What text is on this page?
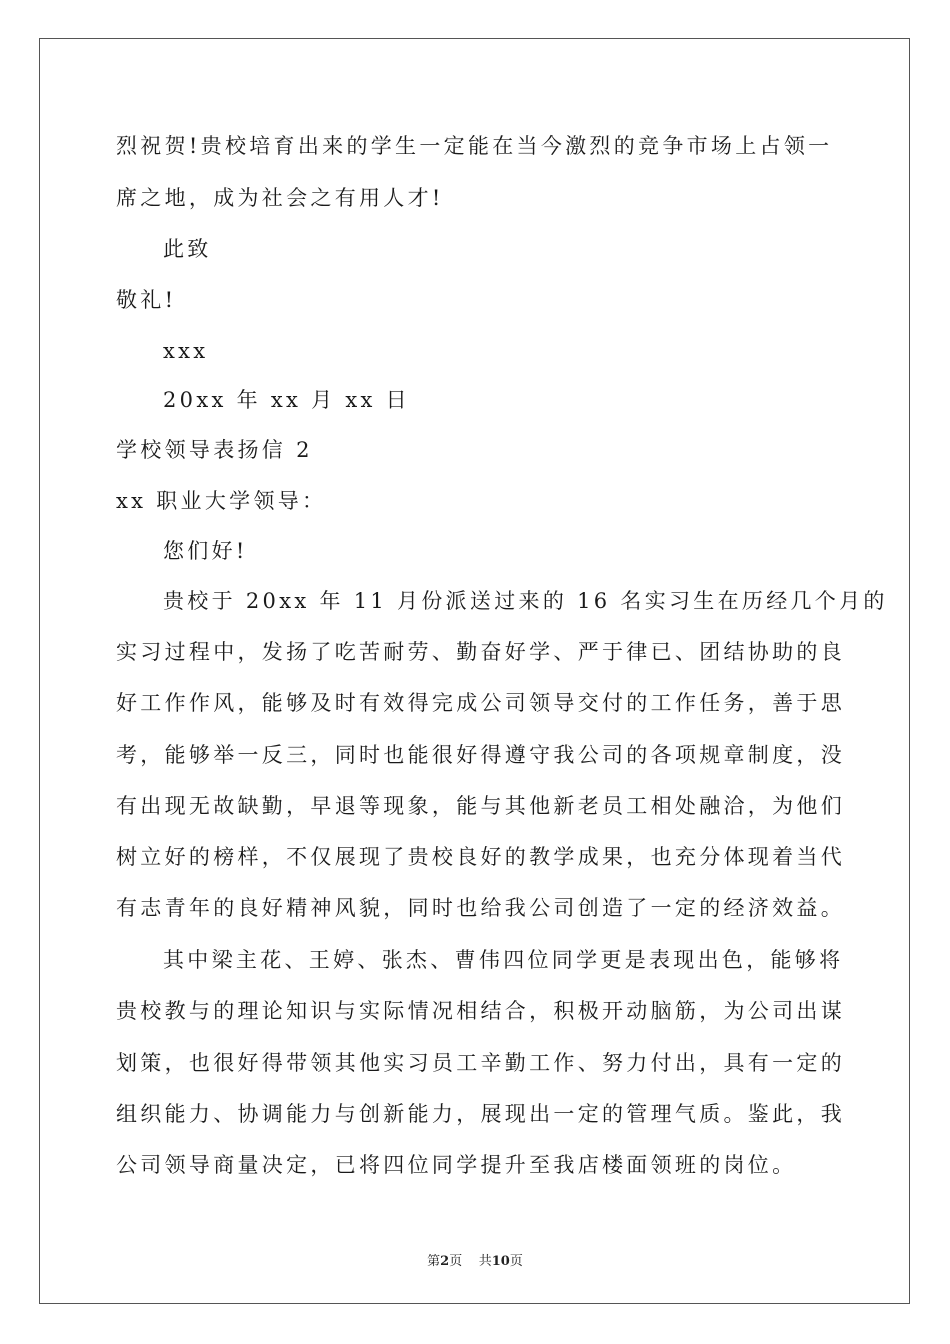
烈祝贺!贵校培育出来的学生一定能在当今激烈的竞争市场上占领一
席之地，成为社会之有用人才!
此致
敬礼!
xxx
20xx 年 xx 月 xx 日
学校领导表扬信 2
xx 职业大学领导：
您们好!
贵校于 20xx 年 11 月份派送过来的 16 名实习生在历经几个月的
实习过程中，发扬了吃苦耐劳、勤奋好学、严于律已、团结协助的良
好工作作风，能够及时有效得完成公司领导交付的工作任务，善于思
考，能够举一反三，同时也能很好得遵守我公司的各项规章制度，没
有出现无故缺勤，早退等现象，能与其他新老员工相处融洽，为他们
树立好的榜样，不仅展现了贵校良好的教学成果，也充分体现着当代
有志青年的良好精神风貌，同时也给我公司创造了一定的经济效益。
其中梁主花、王婷、张杰、曹伟四位同学更是表现出色，能够将
贵校教与的理论知识与实际情况相结合，积极开动脑筋，为公司出谋
划策，也很好得带领其他实习员工辛勤工作、努力付出，具有一定的
组织能力、协调能力与创新能力，展现出一定的管理气质。鉴此，我
公司领导商量决定，已将四位同学提升至我店楼面领班的岗位。
第2页    共10页
